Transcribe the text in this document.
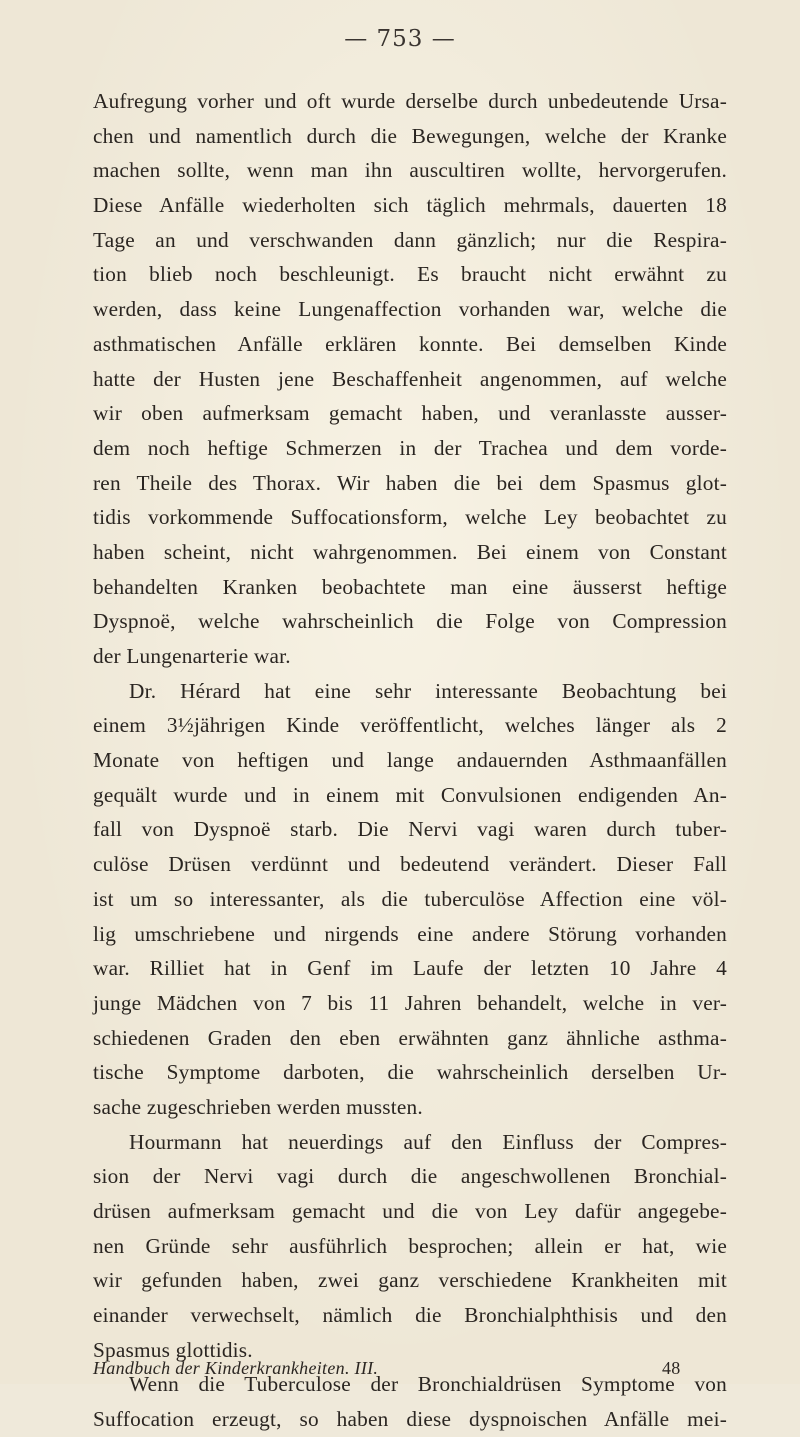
— 753 —
Aufregung vorher und oft wurde derselbe durch unbedeutende Ursa-
chen und namentlich durch die Bewegungen, welche der Kranke
machen sollte, wenn man ihn auscultiren wollte, hervorgerufen.
Diese Anfälle wiederholten sich täglich mehrmals, dauerten 18
Tage an und verschwanden dann gänzlich; nur die Respira-
tion blieb noch beschleunigt. Es braucht nicht erwähnt zu
werden, dass keine Lungenaffection vorhanden war, welche die
asthmatischen Anfälle erklären konnte. Bei demselben Kinde
hatte der Husten jene Beschaffenheit angenommen, auf welche
wir oben aufmerksam gemacht haben, und veranlasste ausser-
dem noch heftige Schmerzen in der Trachea und dem vorde-
ren Theile des Thorax. Wir haben die bei dem Spasmus glot-
tidis vorkommende Suffocationsform, welche Ley beobachtet zu
haben scheint, nicht wahrgenommen. Bei einem von Constant
behandelten Kranken beobachtete man eine äusserst heftige
Dyspnoë, welche wahrscheinlich die Folge von Compression
der Lungenarterie war.
Dr. Hérard hat eine sehr interessante Beobachtung bei
einem 3½jährigen Kinde veröffentlicht, welches länger als 2
Monate von heftigen und lange andauernden Asthmaanfällen
gequält wurde und in einem mit Convulsionen endigenden An-
fall von Dyspnoë starb. Die Nervi vagi waren durch tuber-
culöse Drüsen verdünnt und bedeutend verändert. Dieser Fall
ist um so interessanter, als die tuberculöse Affection eine völ-
lig umschriebene und nirgends eine andere Störung vorhanden
war. Rilliet hat in Genf im Laufe der letzten 10 Jahre 4
junge Mädchen von 7 bis 11 Jahren behandelt, welche in ver-
schiedenen Graden den eben erwähnten ganz ähnliche asthma-
tische Symptome darboten, die wahrscheinlich derselben Ur-
sache zugeschrieben werden mussten.
Hourmann hat neuerdings auf den Einfluss der Compres-
sion der Nervi vagi durch die angeschwollenen Bronchial-
drüsen aufmerksam gemacht und die von Ley dafür angegebe-
nen Gründe sehr ausführlich besprochen; allein er hat, wie
wir gefunden haben, zwei ganz verschiedene Krankheiten mit
einander verwechselt, nämlich die Bronchialphthisis und den
Spasmus glottidis.
Wenn die Tuberculose der Bronchialdrüsen Symptome von
Suffocation erzeugt, so haben diese dyspnoischen Anfälle mei-
Handbuch der Kinderkrankheiten. III.	48
